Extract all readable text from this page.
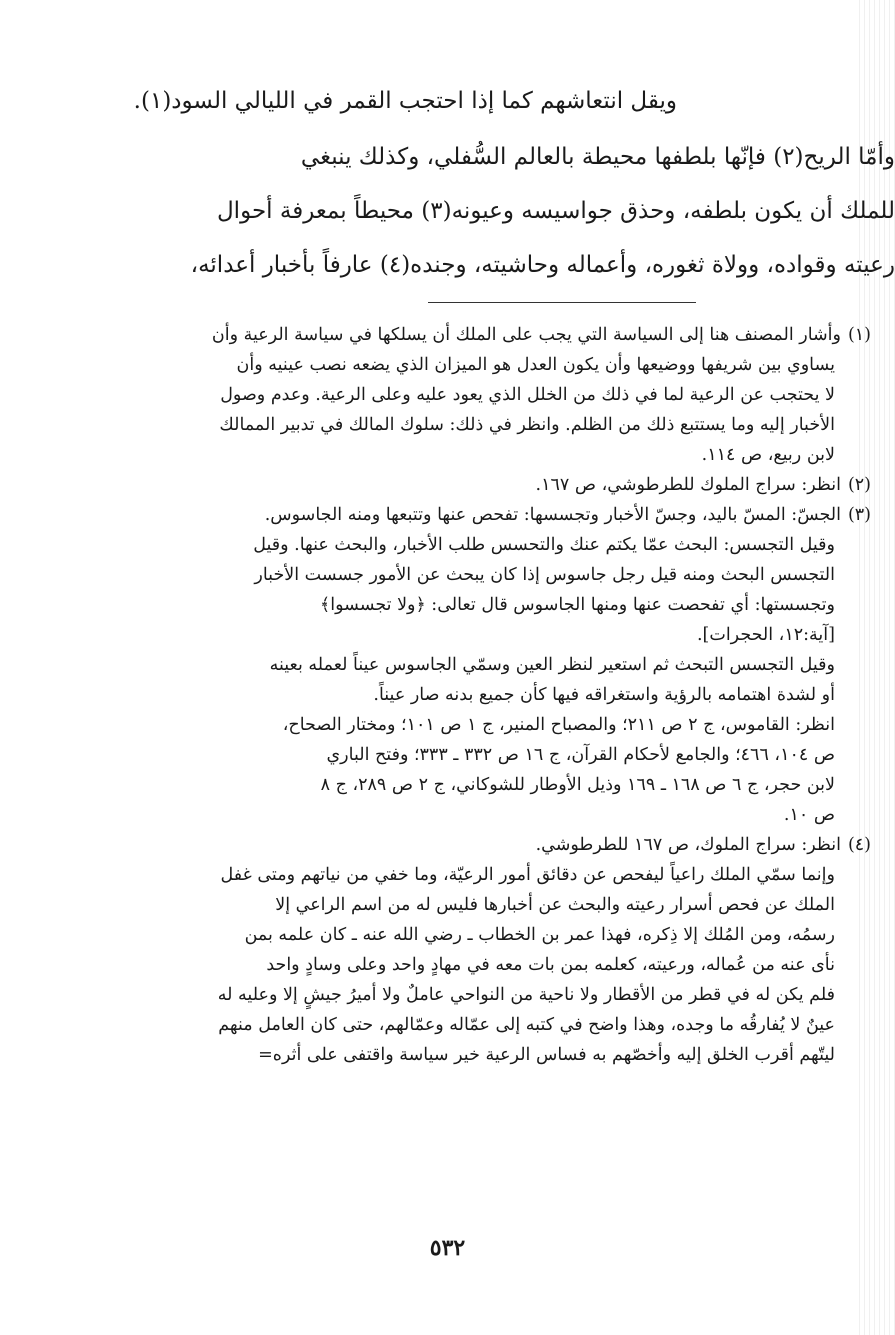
ويقل انتعاشهم كما إذا احتجب القمر في الليالي السود(١).

وأمّا الريح(٢) فإنّها بلطفها محيطة بالعالم السُّفلي، وكذلك ينبغي

للملك أن يكون بلطفه، وحذق جواسيسه وعيونه(٣) محيطاً بمعرفة أحوال

رعيته وقواده، وولاة ثغوره، وأعماله وحاشيته، وجنده(٤) عارفاً بأخبار أعدائه،

(١)وأشار المصنف هنا إلى السياسة التي يجب على الملك أن يسلكها في سياسة الرعية وأن
يساوي بين شريفها ووضيعها وأن يكون العدل هو الميزان الذي يضعه نصب عينيه وأن
لا يحتجب عن الرعية لما في ذلك من الخلل الذي يعود عليه وعلى الرعية. وعدم وصول
الأخبار إليه وما يستتبع ذلك من الظلم. وانظر في ذلك: سلوك المالك في تدبير الممالك
لابن ربيع، ص ١١٤.
(٢)انظر: سراج الملوك للطرطوشي، ص ١٦٧.
(٣)الجسّ: المسّ باليد، وجسّ الأخبار وتجسسها: تفحص عنها وتتبعها ومنه الجاسوس.
وقيل التجسس: البحث عمّا يكتم عنك والتحسس طلب الأخبار، والبحث عنها. وقيل
التجسس البحث ومنه قيل رجل جاسوس إذا كان يبحث عن الأمور جسست الأخبار
وتجسستها: أي تفحصت عنها ومنها الجاسوس قال تعالى: ﴿ولا تجسسوا﴾
[آية:١٢، الحجرات].
وقيل التجسس التبحث ثم استعير لنظر العين وسمّي الجاسوس عيناً لعمله بعينه
أو لشدة اهتمامه بالرؤية واستغراقه فيها كأن جميع بدنه صار عيناً.
انظر: القاموس، ج ٢ ص ٢١١؛ والمصباح المنير، ج ١ ص ١٠١؛ ومختار الصحاح،
ص ١٠٤، ٤٦٦؛ والجامع لأحكام القرآن، ج ١٦ ص ٣٣٢ ـ ٣٣٣؛ وفتح الباري
لابن حجر، ج ٦ ص ١٦٨ ـ ١٦٩ وذيل الأوطار للشوكاني، ج ٢ ص ٢٨٩، ج ٨
ص ١٠.
(٤)انظر: سراج الملوك، ص ١٦٧ للطرطوشي.
وإنما سمّي الملك راعياً ليفحص عن دقائق أمور الرعيّة، وما خفي من نياتهم ومتى غفل
الملك عن فحص أسرار رعيته والبحث عن أخبارها فليس له من اسم الراعي إلا
رسمُه، ومن المُلك إلا ذِكره، فهذا عمر بن الخطاب ـ رضي الله عنه ـ كان علمه بمن
نأى عنه من عُماله، ورعيته، كعلمه بمن بات معه في مهادٍ واحد وعلى وسادٍ واحد
فلم يكن له في قطر من الأقطار ولا ناحية من النواحي عاملٌ ولا أميرُ جيشٍ إلا وعليه له
عينٌ لا يُفارقُه ما وجده، وهذا واضح في كتبه إلى عمّاله وعمّالهم، حتى كان العامل منهم
ليتّهم أقرب الخلق إليه وأخصّهم به فساس الرعية خير سياسة واقتفى على أثره=
٥٣٢
